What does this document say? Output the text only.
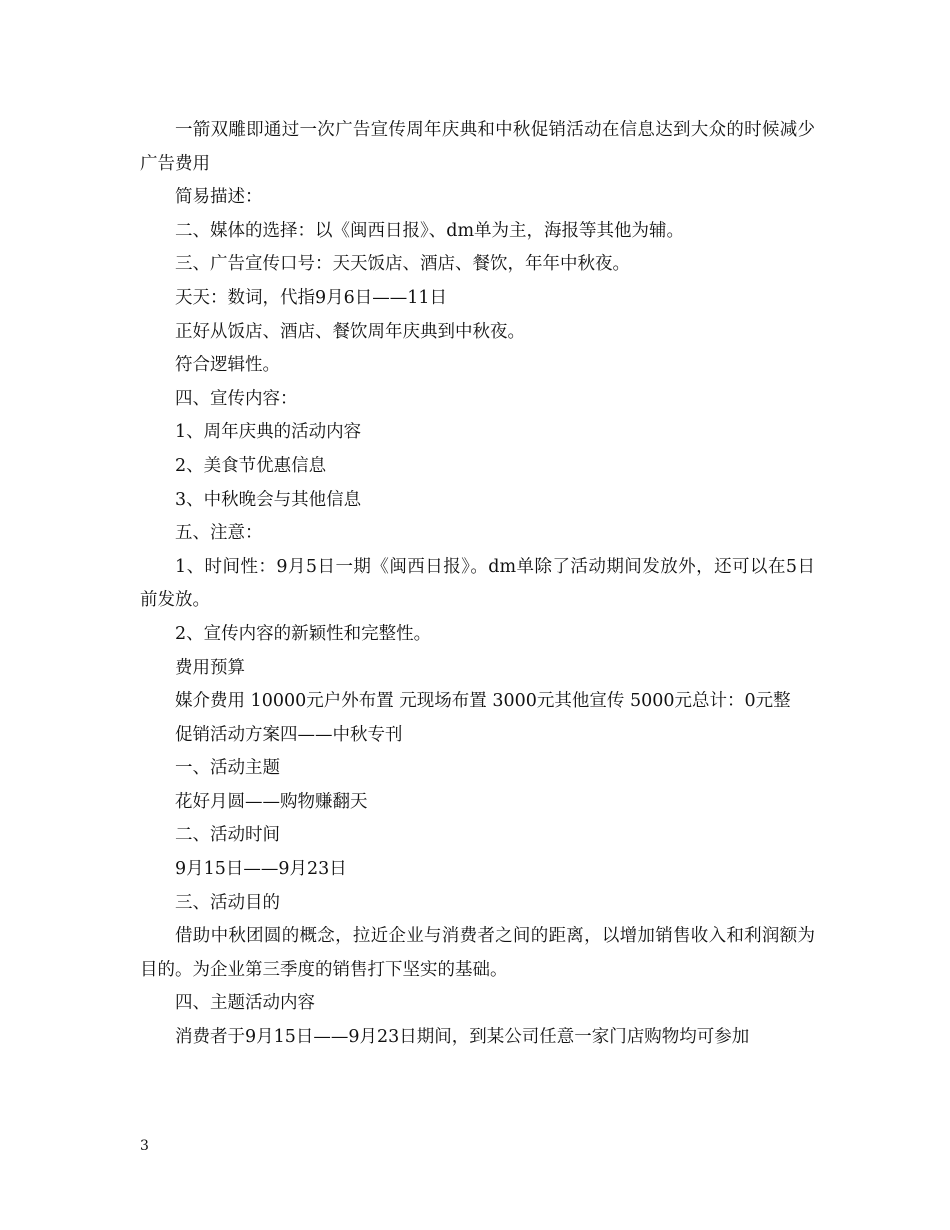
一箭双雕即通过一次广告宣传周年庆典和中秋促销活动在信息达到大众的时候减少广告费用

简易描述：

二、媒体的选择：以《闽西日报》、dm单为主，海报等其他为辅。

三、广告宣传口号：天天饭店、酒店、餐饮，年年中秋夜。

天天：数词，代指9月6日——11日

正好从饭店、酒店、餐饮周年庆典到中秋夜。

符合逻辑性。

四、宣传内容：

1、周年庆典的活动内容

2、美食节优惠信息

3、中秋晚会与其他信息

五、注意：

1、时间性：9月5日一期《闽西日报》。dm单除了活动期间发放外，还可以在5日前发放。

2、宣传内容的新颖性和完整性。

费用预算

媒介费用 10000元户外布置 元现场布置 3000元其他宣传 5000元总计：0元整

促销活动方案四——中秋专刊

一、活动主题

花好月圆——购物赚翻天

二、活动时间

9月15日——9月23日

三、活动目的

借助中秋团圆的概念，拉近企业与消费者之间的距离，以增加销售收入和利润额为目的。为企业第三季度的销售打下坚实的基础。

四、主题活动内容

消费者于9月15日——9月23日期间，到某公司任意一家门店购物均可参加

3
